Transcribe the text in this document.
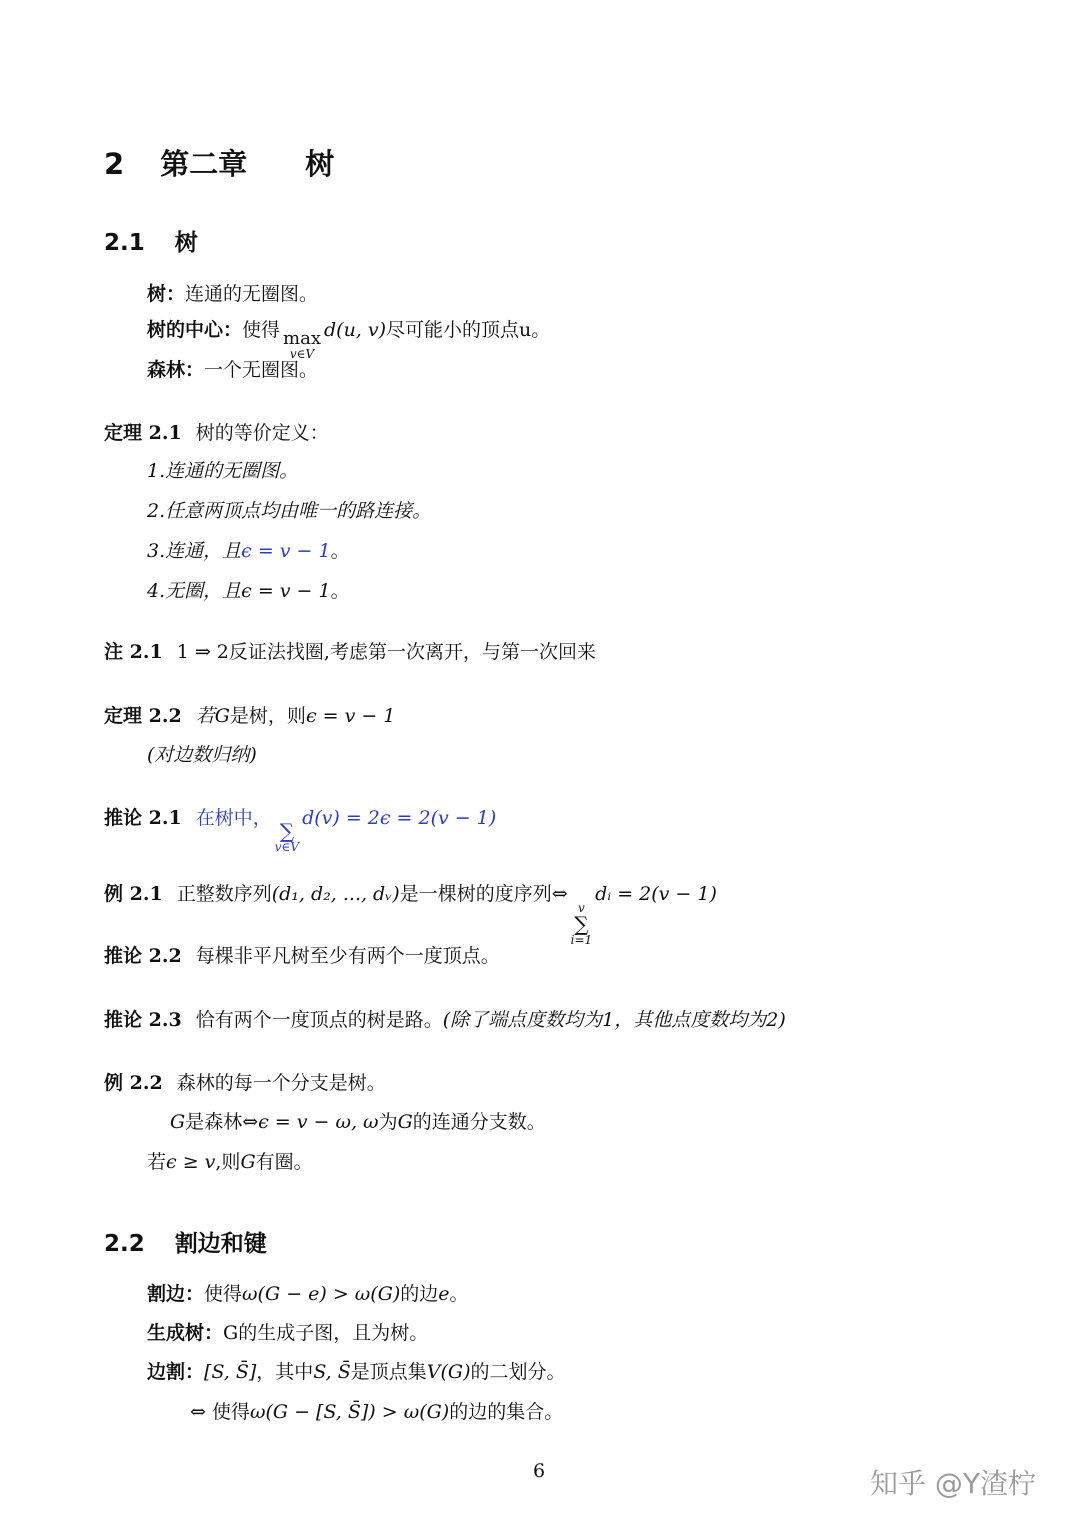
2 第二章　　树
2.1 树
树：连通的无圈图。
树的中心：使得 max
v∈V
d(u, v)尽可能小的顶点u。
森林：一个无圈图。
定理 2.1 树的等价定义：
1.连通的无圈图。
2.任意两顶点均由唯一的路连接。
3.连通，且ϵ = v − 1。
4.无圈，且ϵ = v − 1。
注 2.1 1 ⇒ 2反证法找圈,考虑第一次离开，与第一次回来
定理 2.2 若G是树，则ϵ = v − 1
(对边数归纳)
推论 2.1 在树中，
∑
v∈V
d(v) = 2ϵ = 2(v − 1)
例 2.1 正整数序列(d₁, d₂, ..., dᵥ)是一棵树的度序列⇔
v
∑
i=1
dᵢ = 2(v − 1)
推论 2.2 每棵非平凡树至少有两个一度顶点。
推论 2.3 恰有两个一度顶点的树是路。(除了端点度数均为1，其他点度数均为2)
例 2.2 森林的每一个分支是树。
G是森林⇔ϵ = v − ω, ω为G的连通分支数。
若ϵ ≥ v,则G有圈。
2.2 割边和键
割边：使得ω(G − e) > ω(G)的边e。
生成树：G的生成子图，且为树。
边割：[S, S̄]，其中S, S̄是顶点集V(G)的二划分。
⇔ 使得ω(G − [S, S̄]) > ω(G)的边的集合。
6	知乎 @Y渣柠
